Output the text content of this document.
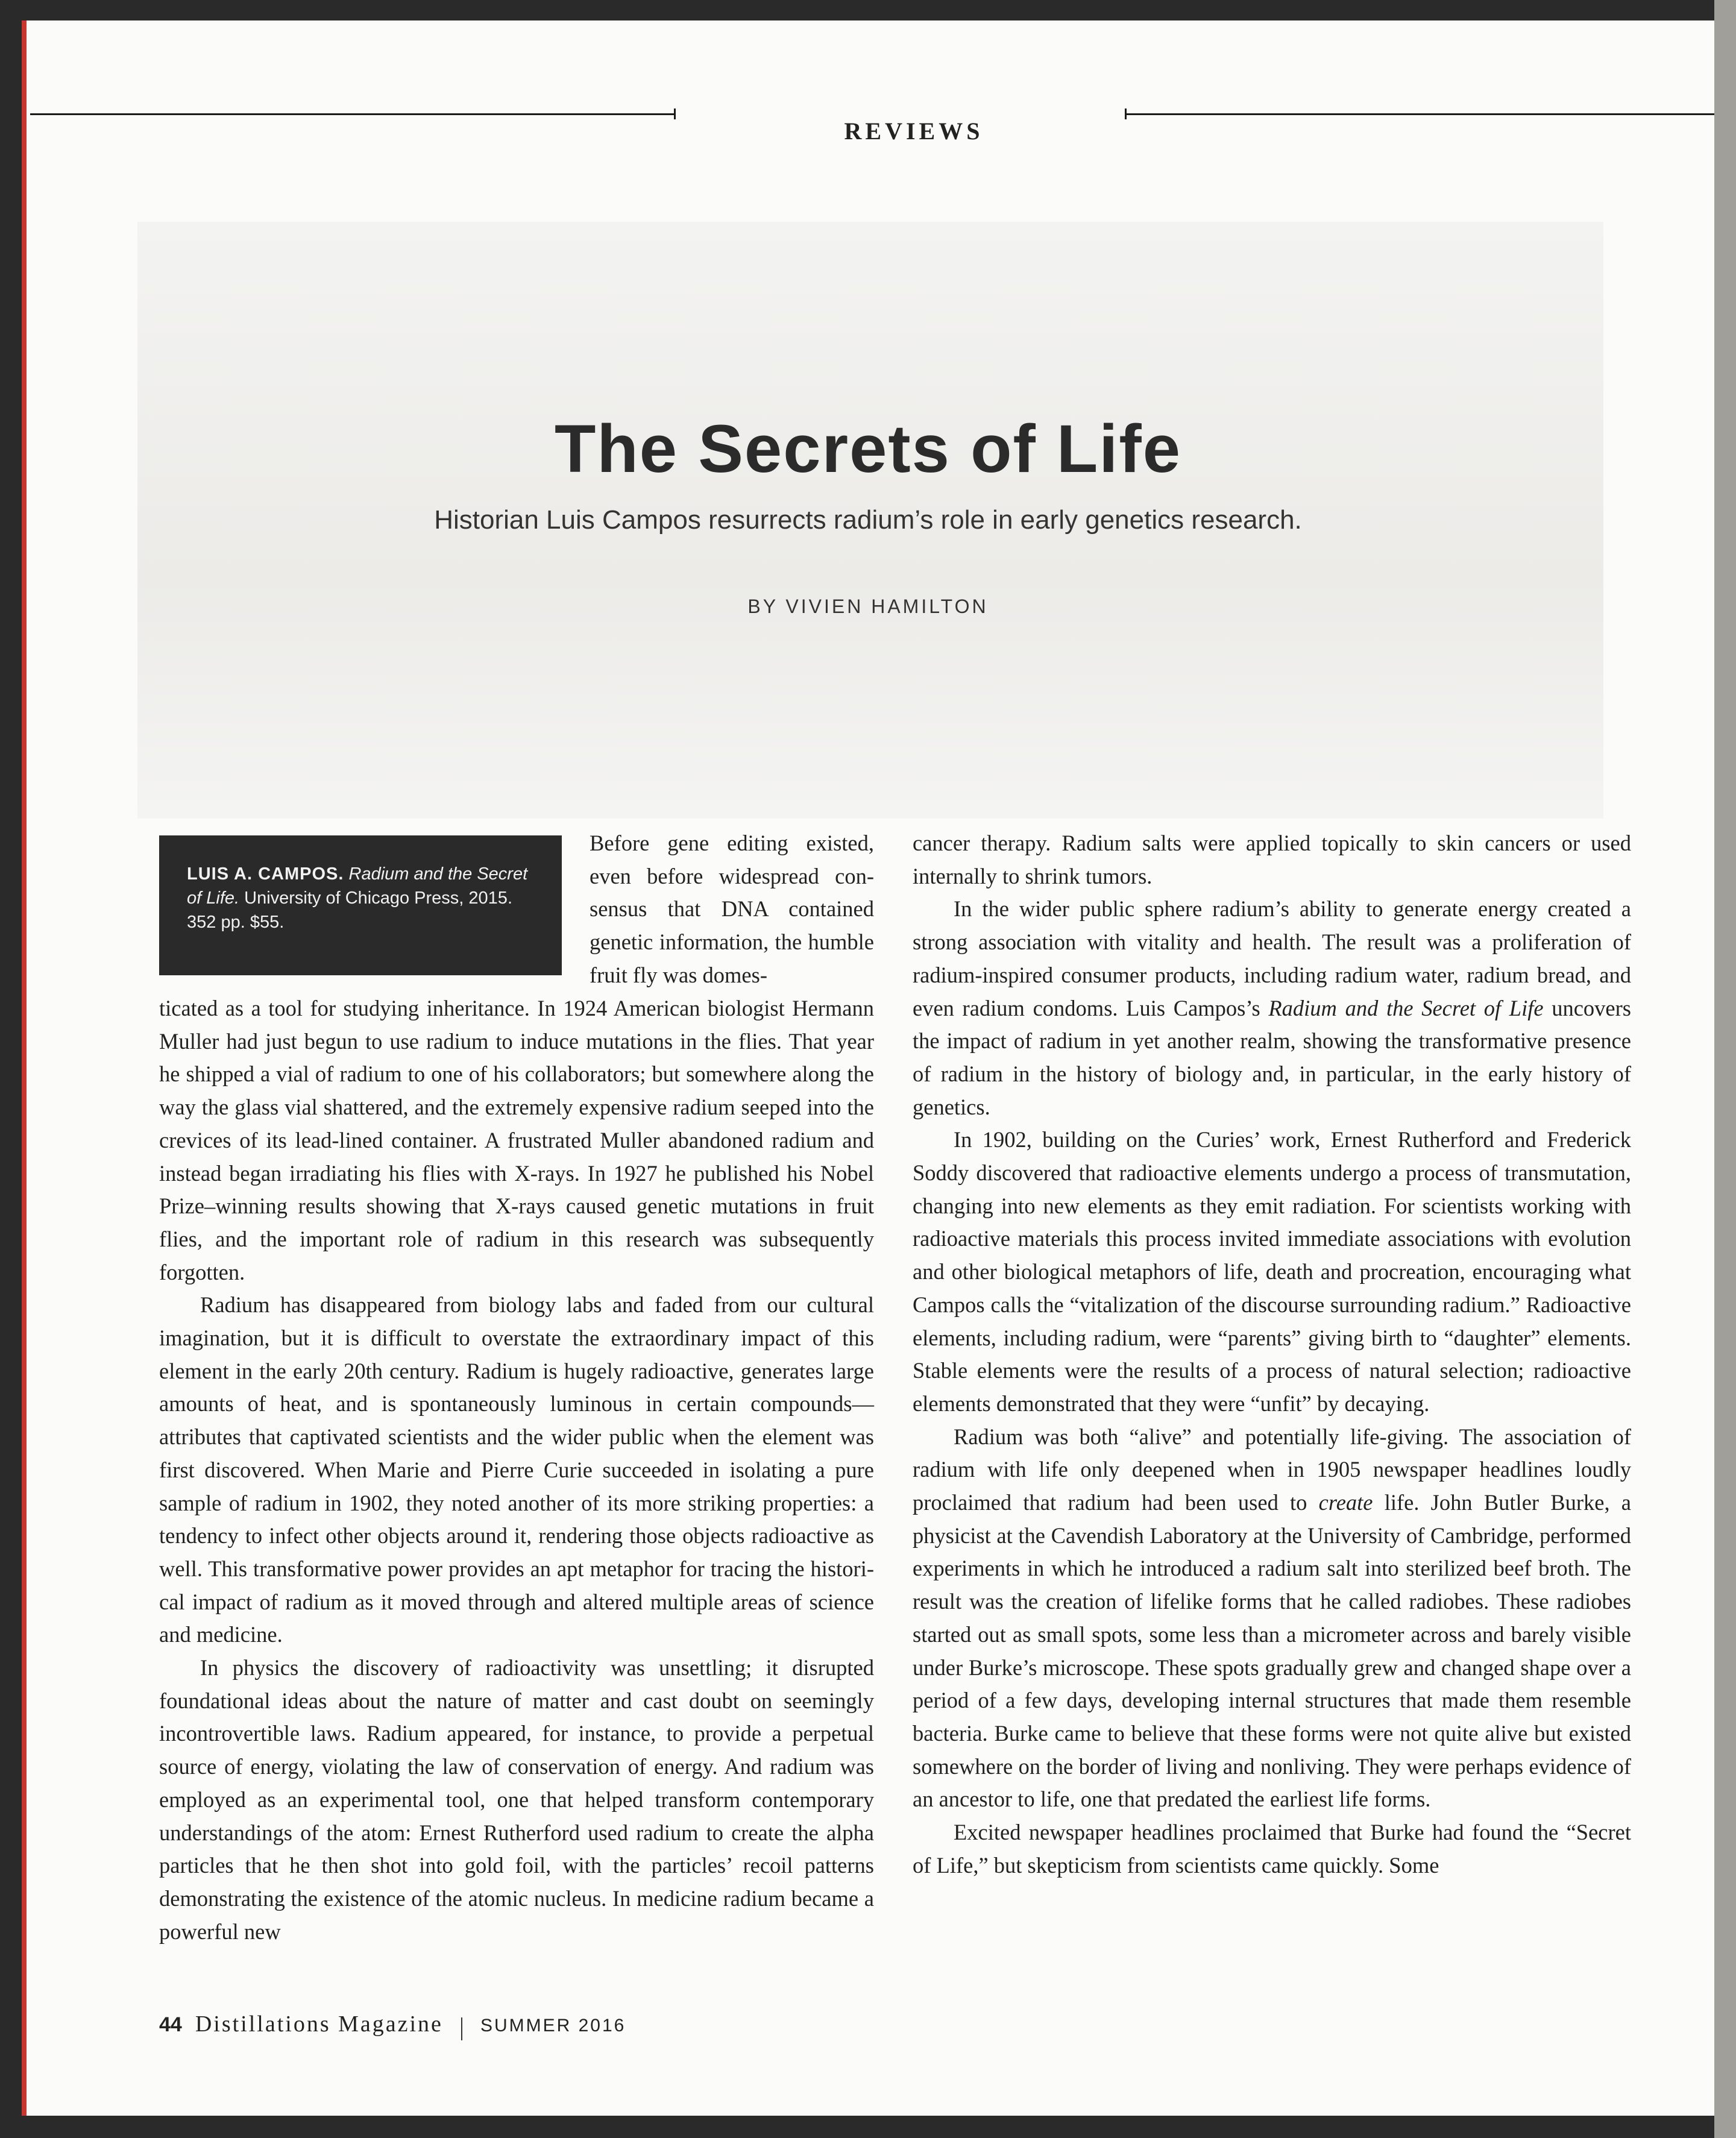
REVIEWS
The Secrets of Life
Historian Luis Campos resurrects radium’s role in early genetics research.
BY VIVIEN HAMILTON
LUIS A. CAMPOS. Radium and the Secret of Life. University of Chicago Press, 2015. 352 pp. $55.

Before gene editing existed, even before widespread consensus that DNA contained genetic information, the humble fruit fly was domes-

ticated as a tool for studying inheritance. In 1924 American biologist Hermann Muller had just begun to use radium to induce mutations in the flies. That year he shipped a vial of radium to one of his collaborators; but somewhere along the way the glass vial shattered, and the extremely expensive radium seeped into the crevices of its lead-lined container. A frustrated Muller abandoned radium and instead began irradiating his flies with X-rays. In 1927 he published his Nobel Prize–winning results showing that X-rays caused genetic mutations in fruit flies, and the important role of radium in this research was subsequently forgotten.

Radium has disappeared from biology labs and faded from our cultural imagination, but it is difficult to overstate the extraordinary impact of this element in the early 20th century. Radium is hugely radioactive, generates large amounts of heat, and is spontaneously luminous in certain compounds—attributes that captivated scientists and the wider public when the element was first discovered. When Marie and Pierre Curie succeeded in isolating a pure sample of radium in 1902, they noted another of its more striking properties: a tendency to infect other objects around it, rendering those objects radioactive as well. This transformative power provides an apt metaphor for tracing the historical impact of radium as it moved through and altered multiple areas of science and medicine.

In physics the discovery of radioactivity was unsettling; it disrupted foundational ideas about the nature of matter and cast doubt on seemingly incontrovertible laws. Radium appeared, for instance, to provide a perpetual source of energy, violating the law of conservation of energy. And radium was employed as an experimental tool, one that helped transform contemporary understandings of the atom: Ernest Rutherford used radium to create the alpha particles that he then shot into gold foil, with the particles’ recoil patterns demonstrating the existence of the atomic nucleus. In medicine radium became a powerful new

cancer therapy. Radium salts were applied topically to skin cancers or used internally to shrink tumors.

In the wider public sphere radium’s ability to generate energy created a strong association with vitality and health. The result was a proliferation of radium-inspired consumer products, including radium water, radium bread, and even radium condoms. Luis Campos’s Radium and the Secret of Life uncovers the impact of radium in yet another realm, showing the transformative presence of radium in the history of biology and, in particular, in the early history of genetics.

In 1902, building on the Curies’ work, Ernest Rutherford and Frederick Soddy discovered that radioactive elements undergo a process of transmutation, changing into new elements as they emit radiation. For scientists working with radioactive materials this process invited immediate associations with evolution and other biological metaphors of life, death and procreation, encouraging what Campos calls the “vitalization of the discourse surrounding radium.” Radioactive elements, including radium, were “parents” giving birth to “daughter” elements. Stable elements were the results of a process of natural selection; radioactive elements demonstrated that they were “unfit” by decaying.

Radium was both “alive” and potentially life-giving. The association of radium with life only deepened when in 1905 newspaper headlines loudly proclaimed that radium had been used to create life. John Butler Burke, a physicist at the Cavendish Laboratory at the University of Cambridge, performed experiments in which he introduced a radium salt into sterilized beef broth. The result was the creation of lifelike forms that he called radiobes. These radiobes started out as small spots, some less than a micrometer across and barely visible under Burke’s microscope. These spots gradually grew and changed shape over a period of a few days, developing internal structures that made them resemble bacteria. Burke came to believe that these forms were not quite alive but existed somewhere on the border of living and nonliving. They were perhaps evidence of an ancestor to life, one that predated the earliest life forms.

Excited newspaper headlines proclaimed that Burke had found the “Secret of Life,” but skepticism from scientists came quickly. Some

44 Distillations Magazine SUMMER 2016
